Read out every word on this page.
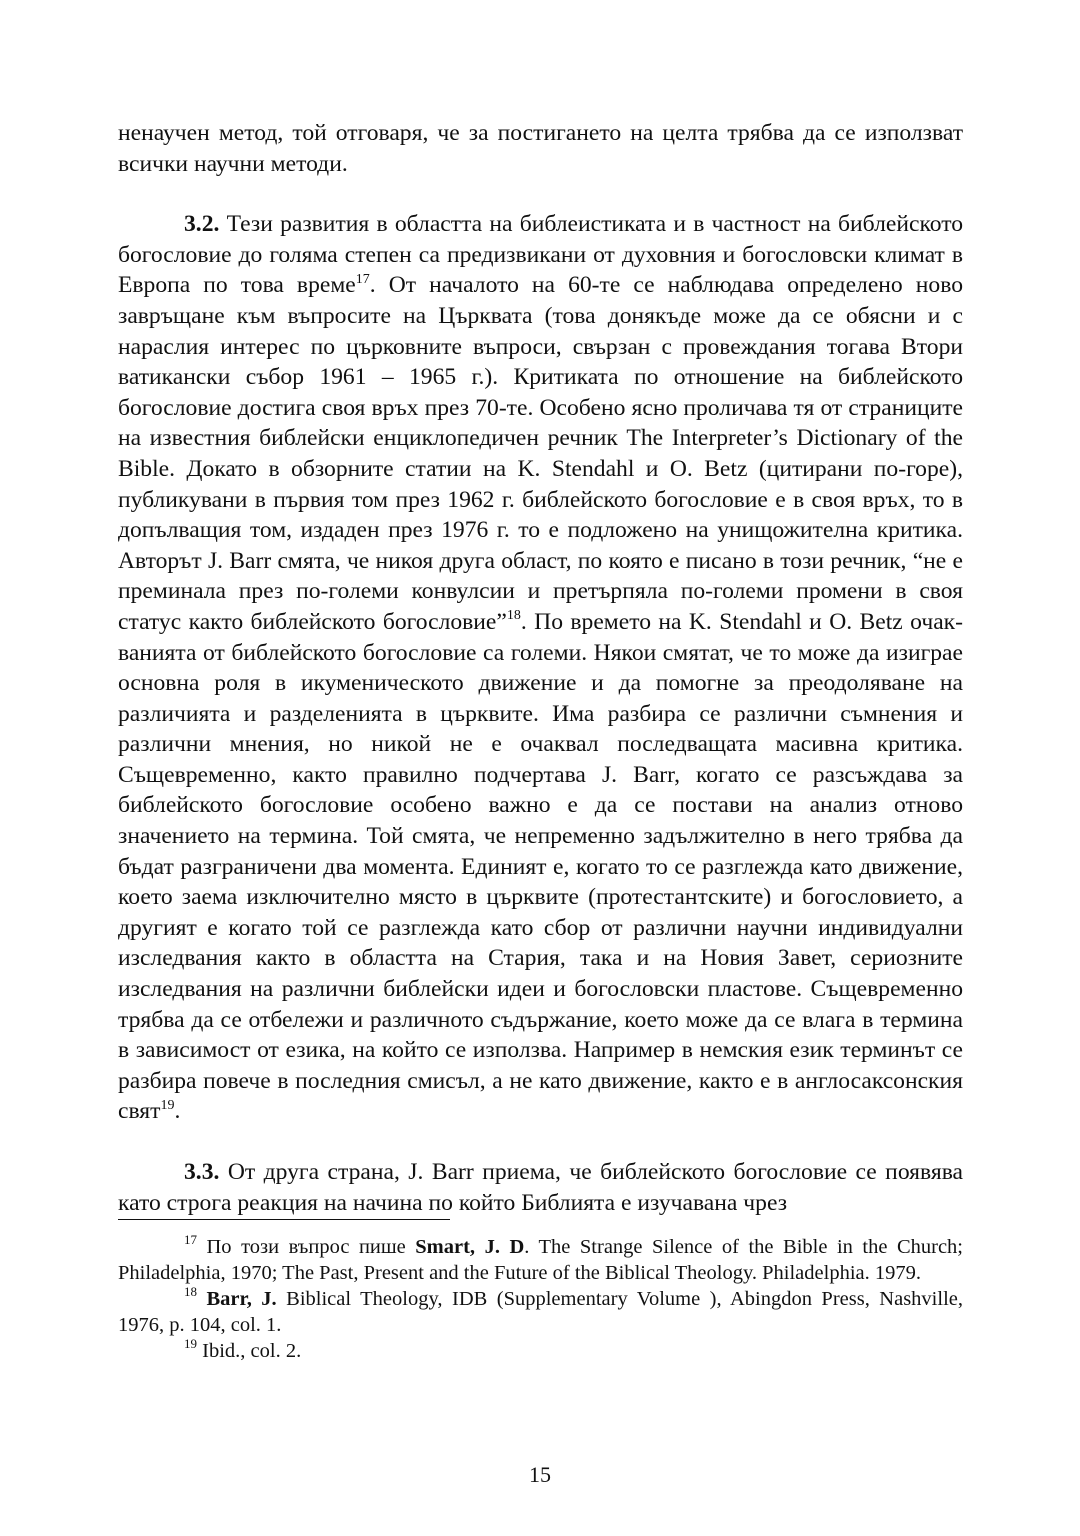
ненаучен метод, той отговаря, че за постигането на целта трябва да се използват всички научни методи.

3.2. Тези развития в областта на библеистиката и в частност на библейското богословие до голяма степен са предизвикани от духовния и богословски климат в Европа по това време$^{17}$. От началото на 60-те се наблюдава определено ново завръщане към въпросите на Църквата (това донякъде може да се обясни и с нараслия интерес по църковните въпроси, свързан с провеждания тогава Втори ватикански събор 1961 – 1965 г.). Критиката по отношение на библейското богословие достига своя връх през 70-те. Особено ясно проличава тя от страниците на известния библейски енциклопедичен речник The Interpreter’s Dictionary of the Bible. Докато в обзорните статии на K. Stendahl и O. Betz (цитирани по-горе), публикувани в първия том през 1962 г. библейското богословие е в своя връх, то в допълващия том, издаден през 1976 г. то е подложено на унищожителна критика. Авторът J. Barr смята, че никоя друга област, по която е писано в този речник, “не е преминала през по-големи конвулсии и претърпяла по-големи промени в своя статус както библейското богословие”$^{18}$. По времето на K. Stendahl и O. Betz очакванията от библейското богословие са големи. Някои смятат, че то може да изиграе основна роля в икуменическото движение и да помогне за преодоляване на различията и разделенията в църквите. Има разбира се различни съмнения и различни мнения, но никой не е очаквал последващата масивна критика. Същевременно, както правилно подчертава J. Barr, когато се разсъждава за библейското богословие особено важно е да се постави на анализ отново значението на термина. Той смята, че непременно задължително в него трябва да бъдат разграничени два момента. Единият е, когато то се разглежда като движение, което заема изключително място в църквите (протестантските) и богословието, а другият е когато той се разглежда като сбор от различни научни индивидуални изследвания както в областта на Стария, така и на Новия Завет, сериозните изследвания на различни библейски идеи и богословски пластове. Същевременно трябва да се отбележи и различното съдържание, което може да се влага в термина в зависимост от езика, на който се използва. Например в немския език терминът се разбира повече в последния смисъл, а не като движение, както е в англосаксонския свят$^{19}$.

3.3. От друга страна, J. Barr приема, че библейското богословие се появява като строга реакция на начина по който Библията е изучавана чрез

$^{17}$ По този въпрос пише Smart, J. D. The Strange Silence of the Bible in the Church; Philadelphia, 1970; The Past, Present and the Future of the Biblical Theology. Philadelphia. 1979.

$^{18}$ Barr, J. Biblical Theology, IDB (Supplementary Volume ), Abingdon Press, Nashville, 1976, p. 104, col. 1.

$^{19}$ Ibid., col. 2.

15
